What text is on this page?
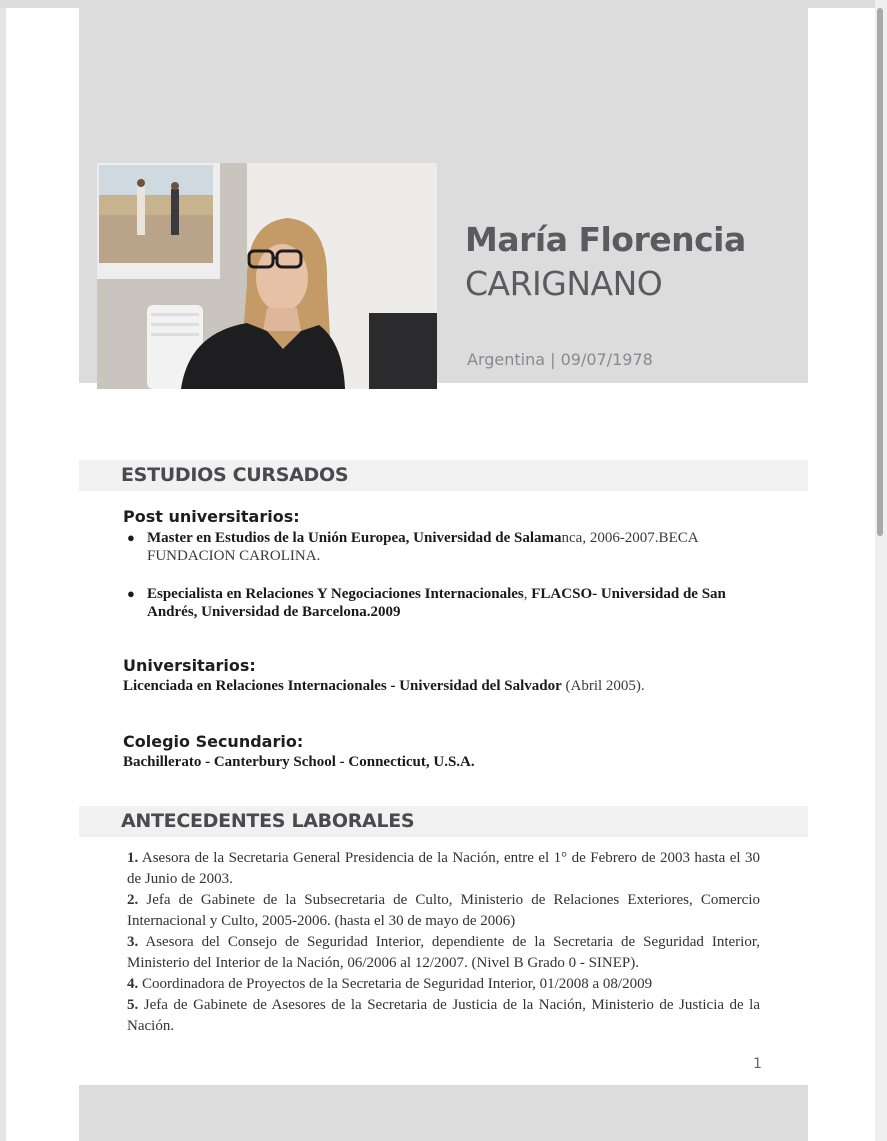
María Florencia
CARIGNANO
Argentina | 09/07/1978
ESTUDIOS CURSADOS
Post universitarios:
● Master en Estudios de la Unión Europea, Universidad de Salamanca, 2006-2007.BECA FUNDACION CAROLINA.
● Especialista en Relaciones Y Negociaciones Internacionales, FLACSO- Universidad de San Andrés, Universidad de Barcelona.2009
Universitarios:
Licenciada en Relaciones Internacionales - Universidad del Salvador (Abril 2005).
Colegio Secundario:
Bachillerato - Canterbury School - Connecticut, U.S.A.
ANTECEDENTES LABORALES

1. Asesora de la Secretaria General Presidencia de la Nación, entre el 1° de Febrero de 2003 hasta el 30 de Junio de 2003.

2. Jefa de Gabinete de la Subsecretaria de Culto, Ministerio de Relaciones Exteriores, Comercio Internacional y Culto, 2005-2006. (hasta el 30 de mayo de 2006)

3. Asesora del Consejo de Seguridad Interior, dependiente de la Secretaria de Seguridad Interior, Ministerio del Interior de la Nación, 06/2006 al 12/2007. (Nivel B Grado 0 - SINEP).

4. Coordinadora de Proyectos de la Secretaria de Seguridad Interior, 01/2008 a 08/2009

5. Jefa de Gabinete de Asesores de la Secretaria de Justicia de la Nación, Ministerio de Justicia de la Nación.

1
